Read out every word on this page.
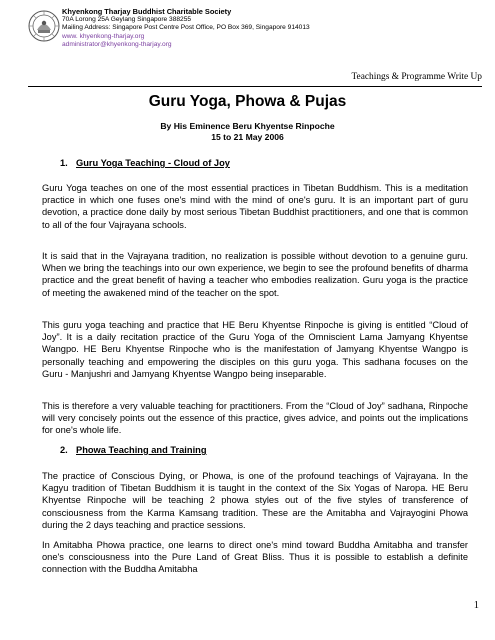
Khyenkong Tharjay Buddhist Charitable Society
70A Lorong 25A Geylang Singapore 388255
Mailing Address: Singapore Post Centre Post Office, PO Box 369, Singapore 914013
www. khyenkong-tharjay.org
administrator@khyenkong-tharjay.org
Teachings & Programme Write Up
Guru Yoga, Phowa & Pujas
By His Eminence Beru Khyentse Rinpoche
15 to 21 May 2006
1. Guru Yoga Teaching - Cloud of Joy
Guru Yoga teaches on one of the most essential practices in Tibetan Buddhism. This is a meditation practice in which one fuses one's mind with the mind of one's guru. It is an important part of guru devotion, a practice done daily by most serious Tibetan Buddhist practitioners, and one that is common to all of the four Vajrayana schools.
It is said that in the Vajrayana tradition, no realization is possible without devotion to a genuine guru. When we bring the teachings into our own experience, we begin to see the profound benefits of dharma practice and the great benefit of having a teacher who embodies realization. Guru yoga is the practice of meeting the awakened mind of the teacher on the spot.
This guru yoga teaching and practice that HE Beru Khyentse Rinpoche is giving is entitled “Cloud of Joy”. It is a daily recitation practice of the Guru Yoga of the Omniscient Lama Jamyang Khyentse Wangpo. HE Beru Khyentse Rinpoche who is the manifestation of Jamyang Khyentse Wangpo is personally teaching and empowering the disciples on this guru yoga. This sadhana focuses on the Guru - Manjushri and Jamyang Khyentse Wangpo being inseparable.
This is therefore a very valuable teaching for practitioners. From the “Cloud of Joy” sadhana, Rinpoche will very concisely points out the essence of this practice, gives advice, and points out the implications for one's whole life.
2. Phowa Teaching and Training
The practice of Conscious Dying, or Phowa, is one of the profound teachings of Vajrayana. In the Kagyu tradition of Tibetan Buddhism it is taught in the context of the Six Yogas of Naropa. HE Beru Khyentse Rinpoche will be teaching 2 phowa styles out of the five styles of transference of consciousness from the Karma Kamsang tradition. These are the Amitabha and Vajrayogini Phowa during the 2 days teaching and practice sessions.
In Amitabha Phowa practice, one learns to direct one's mind toward Buddha Amitabha and transfer one's consciousness into the Pure Land of Great Bliss. Thus it is possible to establish a definite connection with the Buddha Amitabha
1
